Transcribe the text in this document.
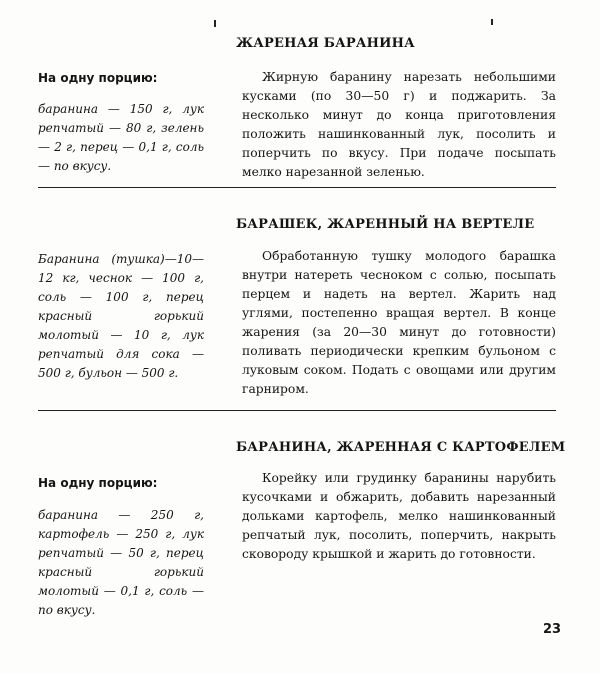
ЖАРЕНАЯ БАРАНИНА
На одну порцию:
баранина — 150 г, лук репчатый — 80 г, зелень — 2 г, перец — 0,1 г, соль — по вкусу.
Жирную баранину нарезать небольшими кусками (по 30—50 г) и поджарить. За несколько минут до конца приготовления положить нашинкованный лук, посолить и поперчить по вкусу. При подаче посыпать мелко нарезанной зеленью.
БАРАШЕК, ЖАРЕННЫЙ НА ВЕРТЕЛЕ
Баранина (тушка)—10—12 кг, чеснок — 100 г, соль — 100 г, перец красный горький молотый — 10 г, лук репчатый для сока — 500 г, бульон — 500 г.
Обработанную тушку молодого барашка внутри натереть чесноком с солью, посыпать перцем и надеть на вертел. Жарить над углями, постепенно вращая вертел. В конце жарения (за 20—30 минут до готовности) поливать периодически крепким бульоном с луковым соком. Подать с овощами или другим гарниром.
БАРАНИНА, ЖАРЕННАЯ С КАРТОФЕЛЕМ
На одну порцию:
баранина — 250 г, картофель — 250 г, лук репчатый — 50 г, перец красный горький молотый — 0,1 г, соль — по вкусу.
Корейку или грудинку баранины нарубить кусочками и обжарить, добавить нарезанный дольками картофель, мелко нашинкованный репчатый лук, посолить, поперчить, накрыть сковороду крышкой и жарить до готовности.
23
